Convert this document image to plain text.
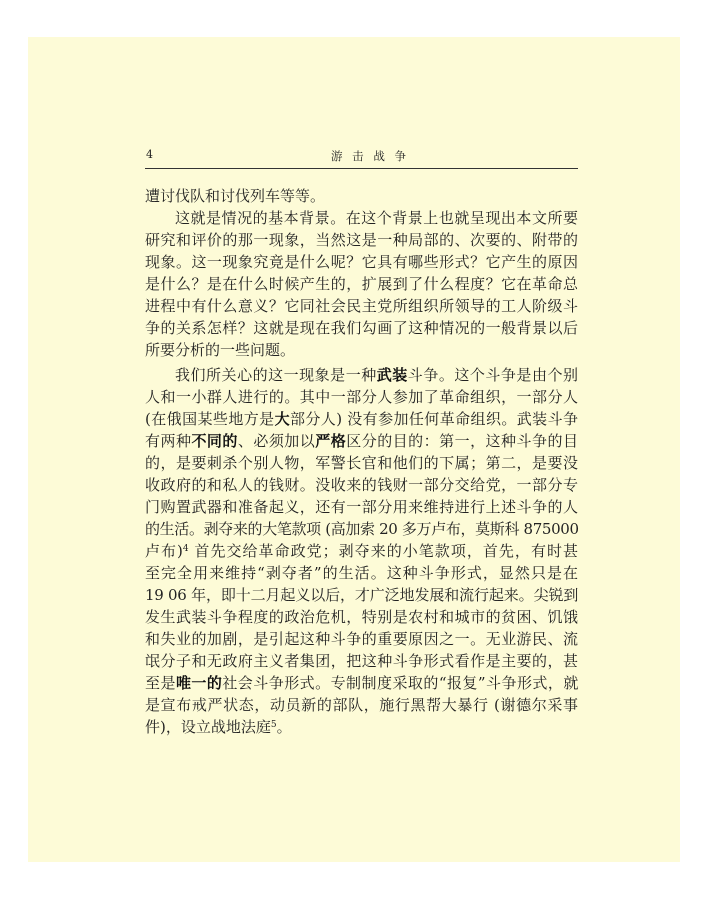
4	游 击 战 争
遭讨伐队和讨伐列车等等。
这就是情况的基本背景。在这个背景上也就呈现出本文所要
研究和评价的那一现象，当然这是一种局部的、次要的、附带的
现象。这一现象究竟是什么呢？它具有哪些形式？它产生的原因
是什么？是在什么时候产生的，扩展到了什么程度？它在革命总
进程中有什么意义？它同社会民主党所组织所领导的工人阶级斗
争的关系怎样？这就是现在我们勾画了这种情况的一般背景以后
所要分析的一些问题。
我们所关心的这一现象是一种武装斗争。这个斗争是由个别
人和一小群人进行的。其中一部分人参加了革命组织，一部分人
(在俄国某些地方是大部分人) 没有参加任何革命组织。武装斗争
有两种不同的、必须加以严格区分的目的：第一，这种斗争的目
的，是要刺杀个别人物，军警长官和他们的下属；第二，是要没
收政府的和私人的钱财。没收来的钱财一部分交给党，一部分专
门购置武器和准备起义，还有一部分用来维持进行上述斗争的人
的生活。剥夺来的大笔款项 (高加索 20 多万卢布，莫斯科 875000
卢布)$^4$ 首先交给革命政党；剥夺来的小笔款项，首先，有时甚
至完全用来维持“剥夺者”的生活。这种斗争形式，显然只是在
19 06 年，即十二月起义以后，才广泛地发展和流行起来。尖锐到
发生武装斗争程度的政治危机，特别是农村和城市的贫困、饥饿
和失业的加剧，是引起这种斗争的重要原因之一。无业游民、流
氓分子和无政府主义者集团，把这种斗争形式看作是主要的，甚
至是唯一的社会斗争形式。专制制度采取的“报复”斗争形式，就
是宣布戒严状态，动员新的部队，施行黑帮大暴行 (谢德尔采事
件)，设立战地法庭$^5$。
